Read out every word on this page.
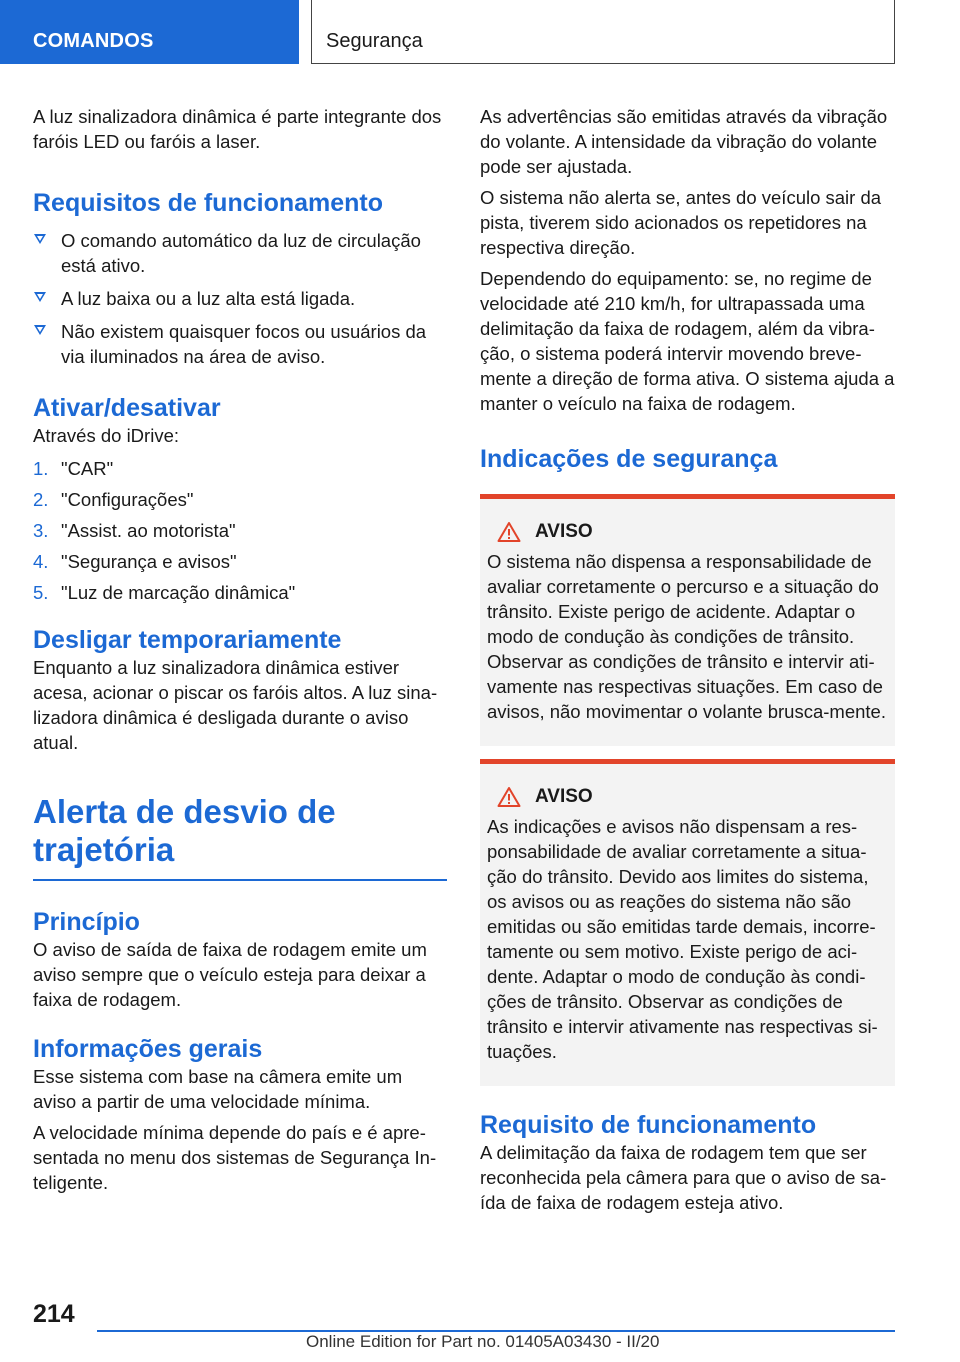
COMANDOS	Segurança
A luz sinalizadora dinâmica é parte integrante dos faróis LED ou faróis a laser.
Requisitos de funcionamento
O comando automático da luz de circulação está ativo.
A luz baixa ou a luz alta está ligada.
Não existem quaisquer focos ou usuários da via iluminados na área de aviso.
Ativar/desativar
Através do iDrive:
1. "CAR"
2. "Configurações"
3. "Assist. ao motorista"
4. "Segurança e avisos"
5. "Luz de marcação dinâmica"
Desligar temporariamente
Enquanto a luz sinalizadora dinâmica estiver acesa, acionar o piscar os faróis altos. A luz sina-lizadora dinâmica é desligada durante o aviso atual.
Alerta de desvio de
trajetória
Princípio
O aviso de saída de faixa de rodagem emite um aviso sempre que o veículo esteja para deixar a faixa de rodagem.
Informações gerais
Esse sistema com base na câmera emite um aviso a partir de uma velocidade mínima.
A velocidade mínima depende do país e é apre-sentada no menu dos sistemas de Segurança In-teligente.
As advertências são emitidas através da vibração do volante. A intensidade da vibração do volante pode ser ajustada.
O sistema não alerta se, antes do veículo sair da pista, tiverem sido acionados os repetidores na respectiva direção.
Dependendo do equipamento: se, no regime de velocidade até 210 km/h, for ultrapassada uma delimitação da faixa de rodagem, além da vibra-ção, o sistema poderá intervir movendo breve-mente a direção de forma ativa. O sistema ajuda a manter o veículo na faixa de rodagem.
Indicações de segurança
AVISO
O sistema não dispensa a responsabilidade de avaliar corretamente o percurso e a situação do trânsito. Existe perigo de acidente. Adaptar o modo de condução às condições de trânsito. Observar as condições de trânsito e intervir ati-vamente nas respectivas situações. Em caso de avisos, não movimentar o volante brusca-mente.
AVISO
As indicações e avisos não dispensam a res-ponsabilidade de avaliar corretamente a situa-ção do trânsito. Devido aos limites do sistema, os avisos ou as reações do sistema não são emitidas ou são emitidas tarde demais, incorre-tamente ou sem motivo. Existe perigo de aci-dente. Adaptar o modo de condução às condi-ções de trânsito. Observar as condições de trânsito e intervir ativamente nas respectivas si-tuações.
Requisito de funcionamento
A delimitação da faixa de rodagem tem que ser reconhecida pela câmera para que o aviso de sa-ída de faixa de rodagem esteja ativo.
214
Online Edition for Part no. 01405A03430 - II/20
